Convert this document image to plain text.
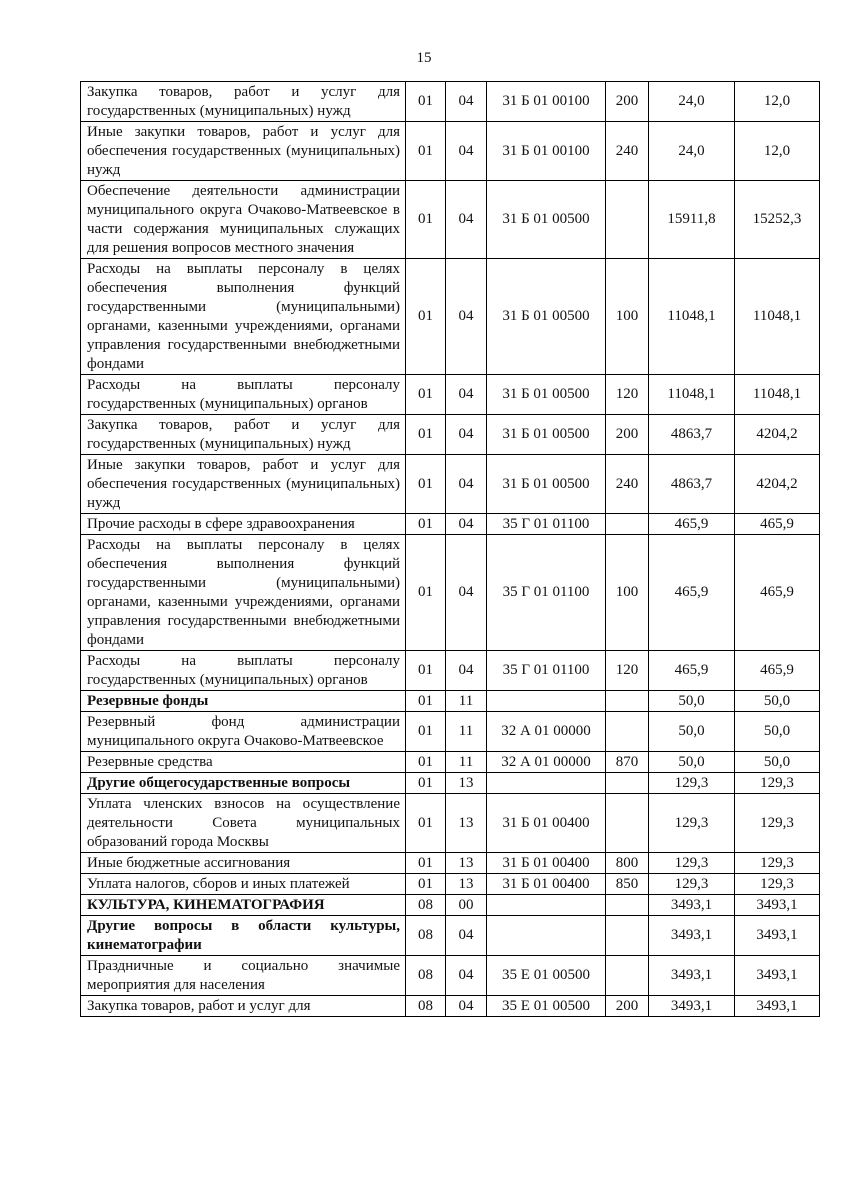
15
Закупка товаров, работ и услуг для государственных (муниципальных) нужд	01	04	31 Б 01 00100	200	24,0	12,0
Иные закупки товаров, работ и услуг для обеспечения государственных (муниципальных) нужд	01	04	31 Б 01 00100	240	24,0	12,0
Обеспечение деятельности администрации муниципального округа Очаково-Матвеевское в части содержания муниципальных служащих для решения вопросов местного значения	01	04	31 Б 01 00500		15911,8	15252,3
Расходы на выплаты персоналу в целях обеспечения выполнения функций государственными (муниципальными) органами, казенными учреждениями, органами управления государственными внебюджетными фондами	01	04	31 Б 01 00500	100	11048,1	11048,1
Расходы на выплаты персоналу государственных (муниципальных) органов	01	04	31 Б 01 00500	120	11048,1	11048,1
Закупка товаров, работ и услуг для государственных (муниципальных) нужд	01	04	31 Б 01 00500	200	4863,7	4204,2
Иные закупки товаров, работ и услуг для обеспечения государственных (муниципальных) нужд	01	04	31 Б 01 00500	240	4863,7	4204,2
Прочие расходы в сфере здравоохранения	01	04	35 Г 01 01100		465,9	465,9
Расходы на выплаты персоналу в целях обеспечения выполнения функций государственными (муниципальными) органами, казенными учреждениями, органами управления государственными внебюджетными фондами	01	04	35 Г 01 01100	100	465,9	465,9
Расходы на выплаты персоналу государственных (муниципальных) органов	01	04	35 Г 01 01100	120	465,9	465,9
Резервные фонды	01	11			50,0	50,0
Резервный фонд администрации муниципального округа Очаково-Матвеевское	01	11	32 А 01 00000		50,0	50,0
Резервные средства	01	11	32 А 01 00000	870	50,0	50,0
Другие общегосударственные вопросы	01	13			129,3	129,3
Уплата членских взносов на осуществление деятельности Совета муниципальных образований города Москвы	01	13	31 Б 01 00400		129,3	129,3
Иные бюджетные ассигнования	01	13	31 Б 01 00400	800	129,3	129,3
Уплата налогов, сборов и иных платежей	01	13	31 Б 01 00400	850	129,3	129,3
КУЛЬТУРА, КИНЕМАТОГРАФИЯ	08	00			3493,1	3493,1
Другие вопросы в области культуры, кинематографии	08	04			3493,1	3493,1
Праздничные и социально значимые мероприятия для населения	08	04	35 Е 01 00500		3493,1	3493,1
Закупка товаров, работ и услуг для	08	04	35 Е 01 00500	200	3493,1	3493,1
